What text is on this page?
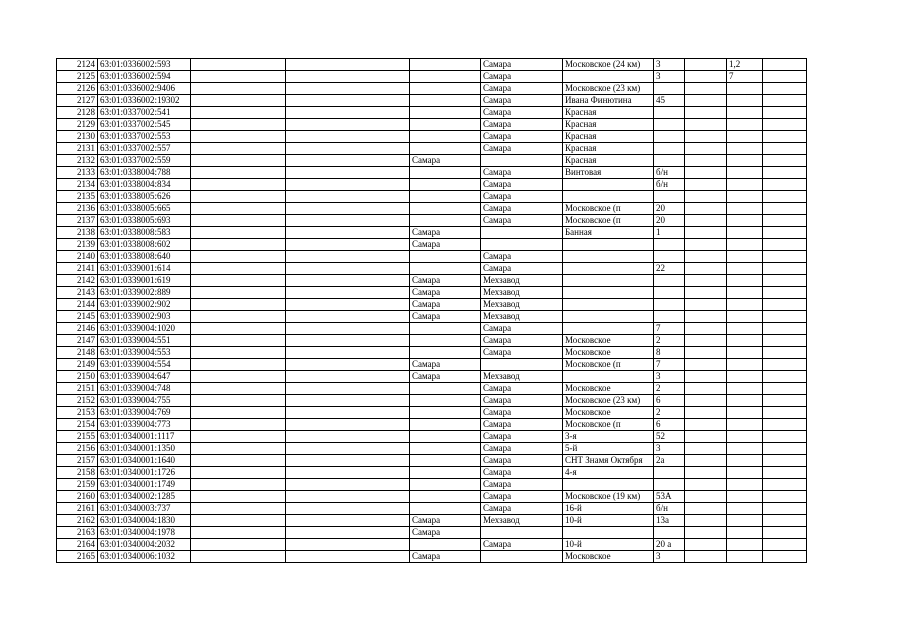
2124	63:01:0336002:593				Самара	Московское (24 км)	3		1,2	
2125	63:01:0336002:594				Самара		3		7	
2126	63:01:0336002:9406				Самара	Московское (23 км)				
2127	63:01:0336002:19302				Самара	Ивана Финютина	45			
2128	63:01:0337002:541				Самара	Красная				
2129	63:01:0337002:545				Самара	Красная				
2130	63:01:0337002:553				Самара	Красная				
2131	63:01:0337002:557				Самара	Красная				
2132	63:01:0337002:559			Самара		Красная				
2133	63:01:0338004:788				Самара	Винтовая	б/н			
2134	63:01:0338004:834				Самара		б/н			
2135	63:01:0338005:626				Самара					
2136	63:01:0338005:665				Самара	Московское (п	20			
2137	63:01:0338005:693				Самара	Московское (п	20			
2138	63:01:0338008:583			Самара		Банная	1			
2139	63:01:0338008:602			Самара						
2140	63:01:0338008:640				Самара					
2141	63:01:0339001:614				Самара		22			
2142	63:01:0339001:619			Самара	Мехзавод					
2143	63:01:0339002:889			Самара	Мехзавод					
2144	63:01:0339002:902			Самара	Мехзавод					
2145	63:01:0339002:903			Самара	Мехзавод					
2146	63:01:0339004:1020				Самара		7			
2147	63:01:0339004:551				Самара	Московское	2			
2148	63:01:0339004:553				Самара	Московское	8			
2149	63:01:0339004:554			Самара		Московское (п	7			
2150	63:01:0339004:647			Самара	Мехзавод		3			
2151	63:01:0339004:748				Самара	Московское	2			
2152	63:01:0339004:755				Самара	Московское (23 км)	6			
2153	63:01:0339004:769				Самара	Московское	2			
2154	63:01:0339004:773				Самара	Московское (п	6			
2155	63:01:0340001:1117				Самара	3-я	52			
2156	63:01:0340001:1350				Самара	5-й	3			
2157	63:01:0340001:1640				Самара	СНТ Знамя Октября	2а			
2158	63:01:0340001:1726				Самара	4-я				
2159	63:01:0340001:1749				Самара					
2160	63:01:0340002:1285				Самара	Московское (19 км)	53А			
2161	63:01:0340003:737				Самара	16-й	б/н			
2162	63:01:0340004:1830			Самара	Мехзавод	10-й	13а			
2163	63:01:0340004:1978			Самара						
2164	63:01:0340004:2032				Самара	10-й	20 а			
2165	63:01:0340006:1032			Самара		Московское	3			
